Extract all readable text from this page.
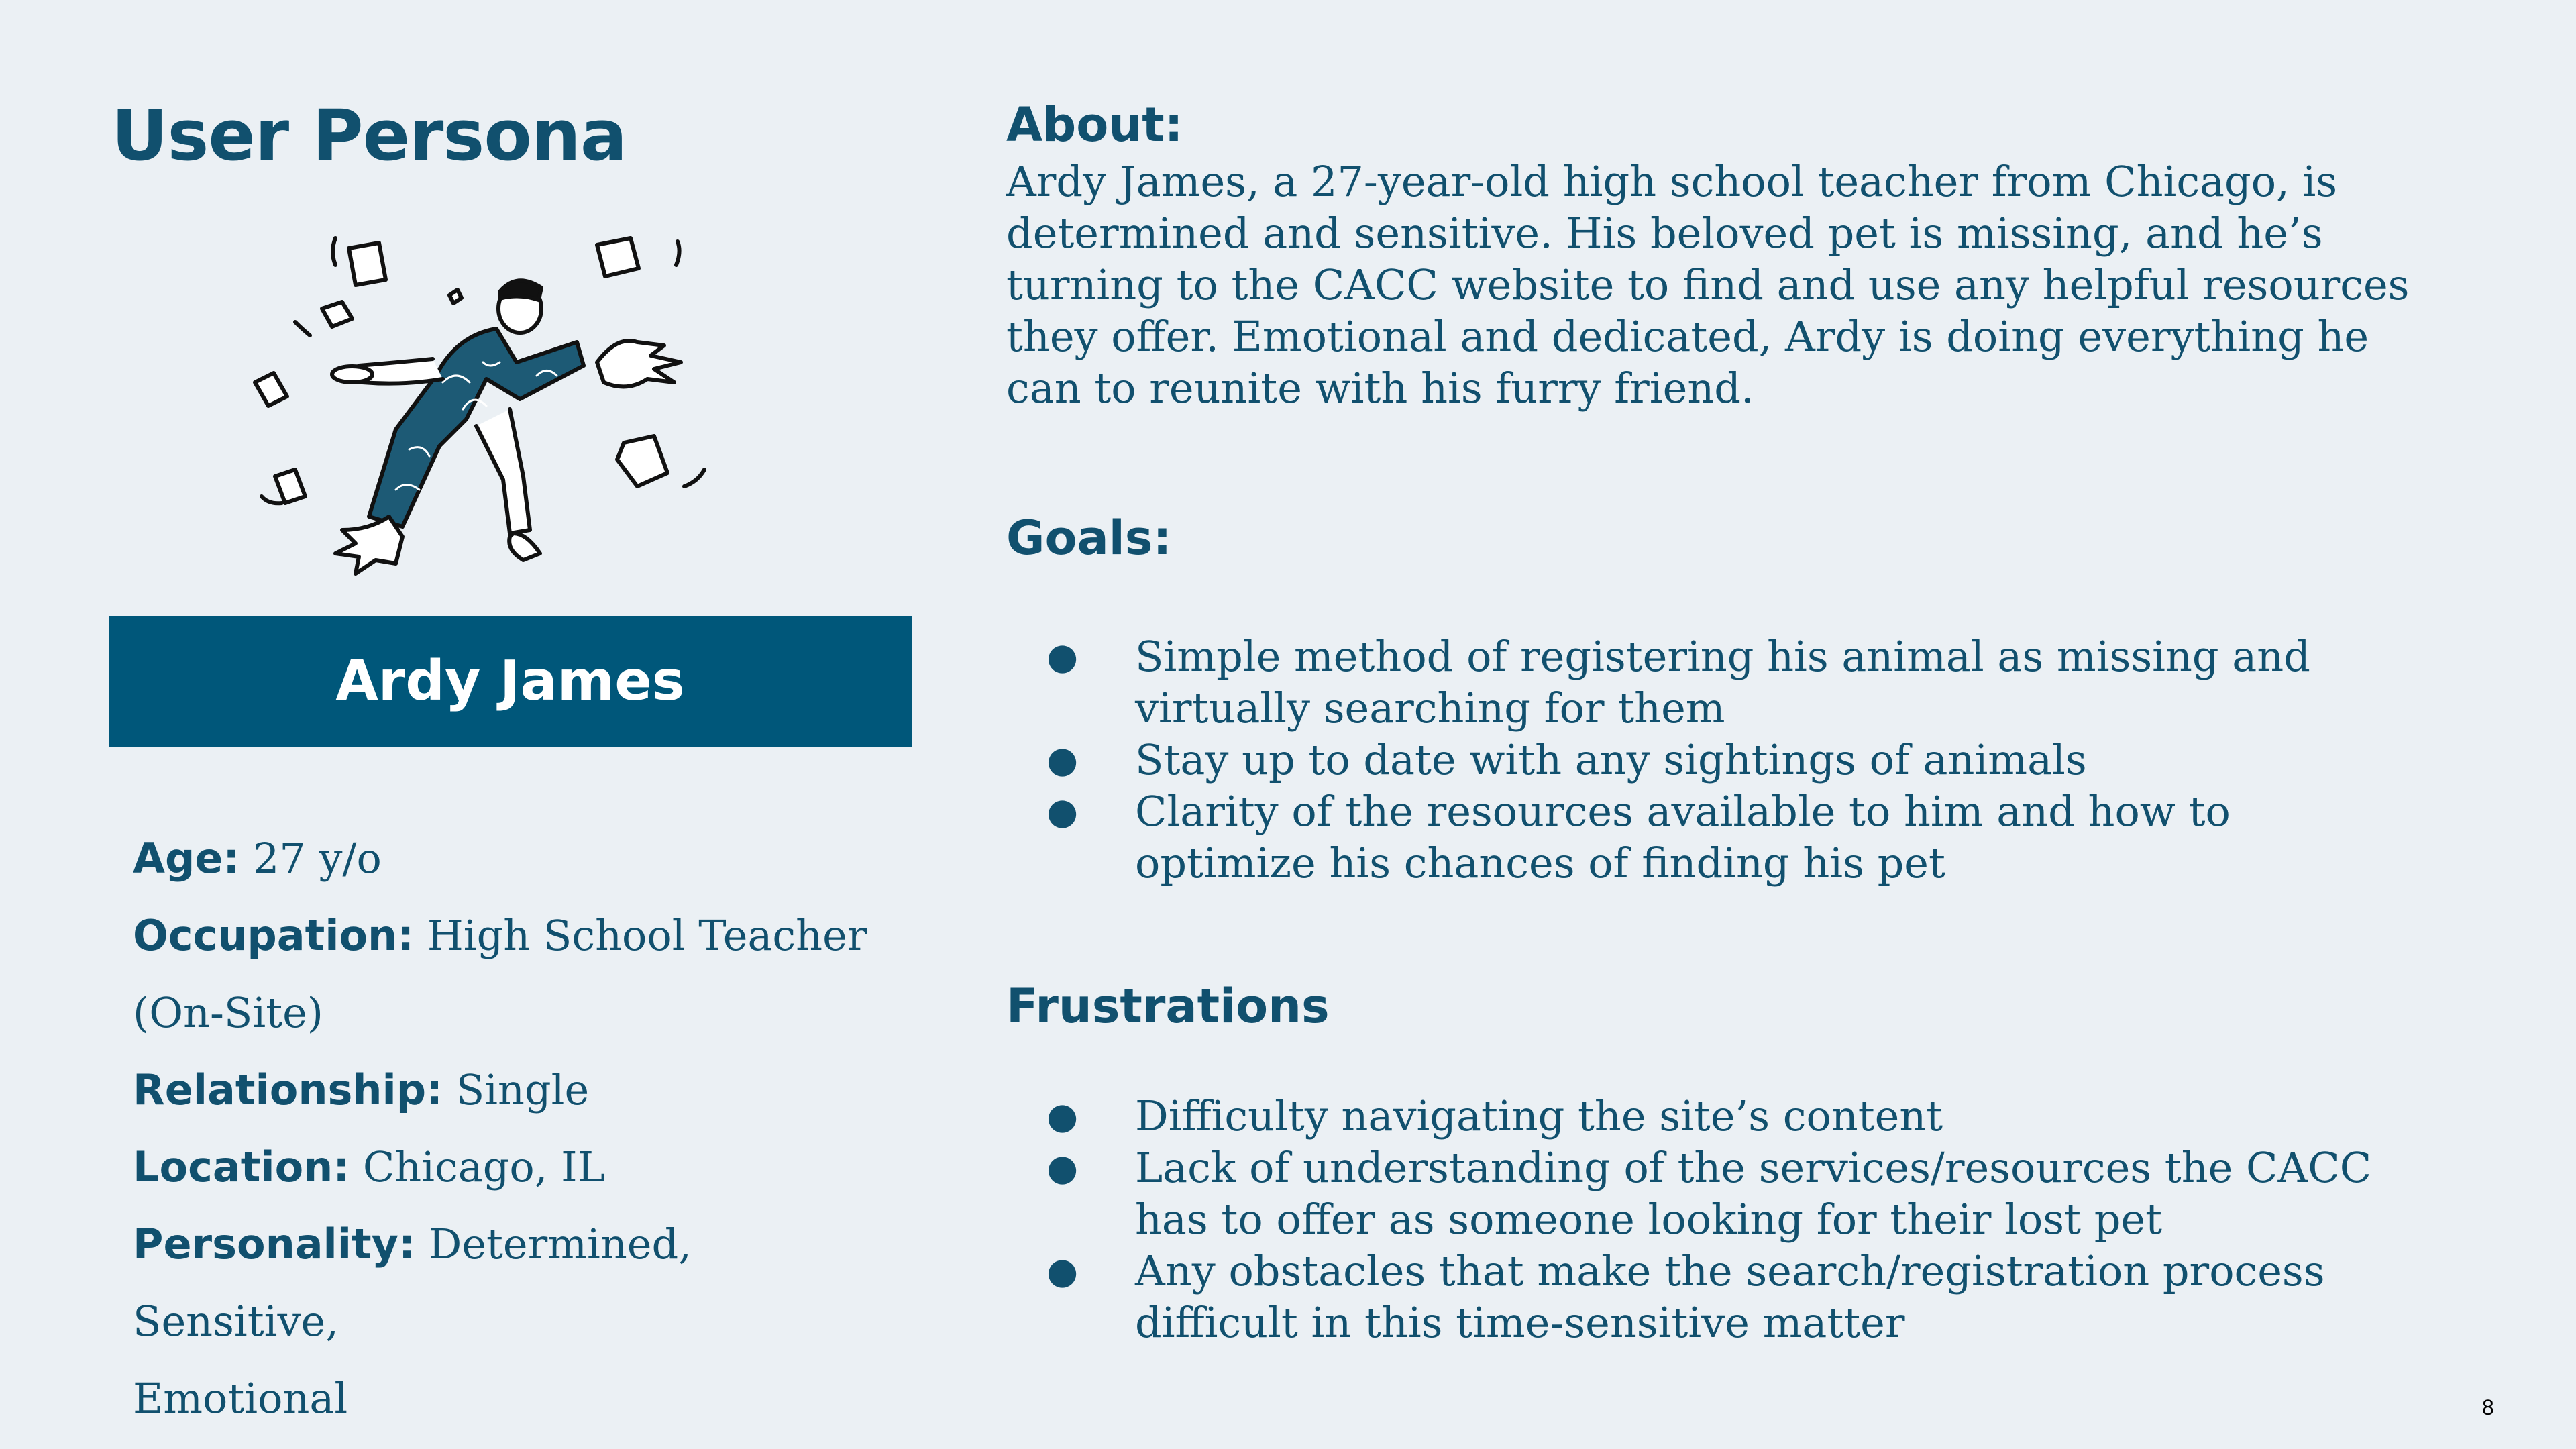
User Persona
Ardy James

Age: 27 y/o

Occupation: High School Teacher

(On-Site)

Relationship: Single

Location: Chicago, IL

Personality: Determined, Sensitive,

Emotional

About:

Ardy James, a 27-year-old high school teacher from Chicago, is determined and sensitive. His beloved pet is missing, and he’s turning to the CACC website to find and use any helpful resources they offer. Emotional and dedicated, Ardy is doing everything he can to reunite with his furry friend.

Goals:
● Simple method of registering his animal as missing and virtually searching for them
● Stay up to date with any sightings of animals
● Clarity of the resources available to him and how to optimize his chances of finding his pet
Frustrations
● Difficulty navigating the site’s content
● Lack of understanding of the services/resources the CACC has to offer as someone looking for their lost pet
● Any obstacles that make the search/registration process difficult in this time-sensitive matter
8
